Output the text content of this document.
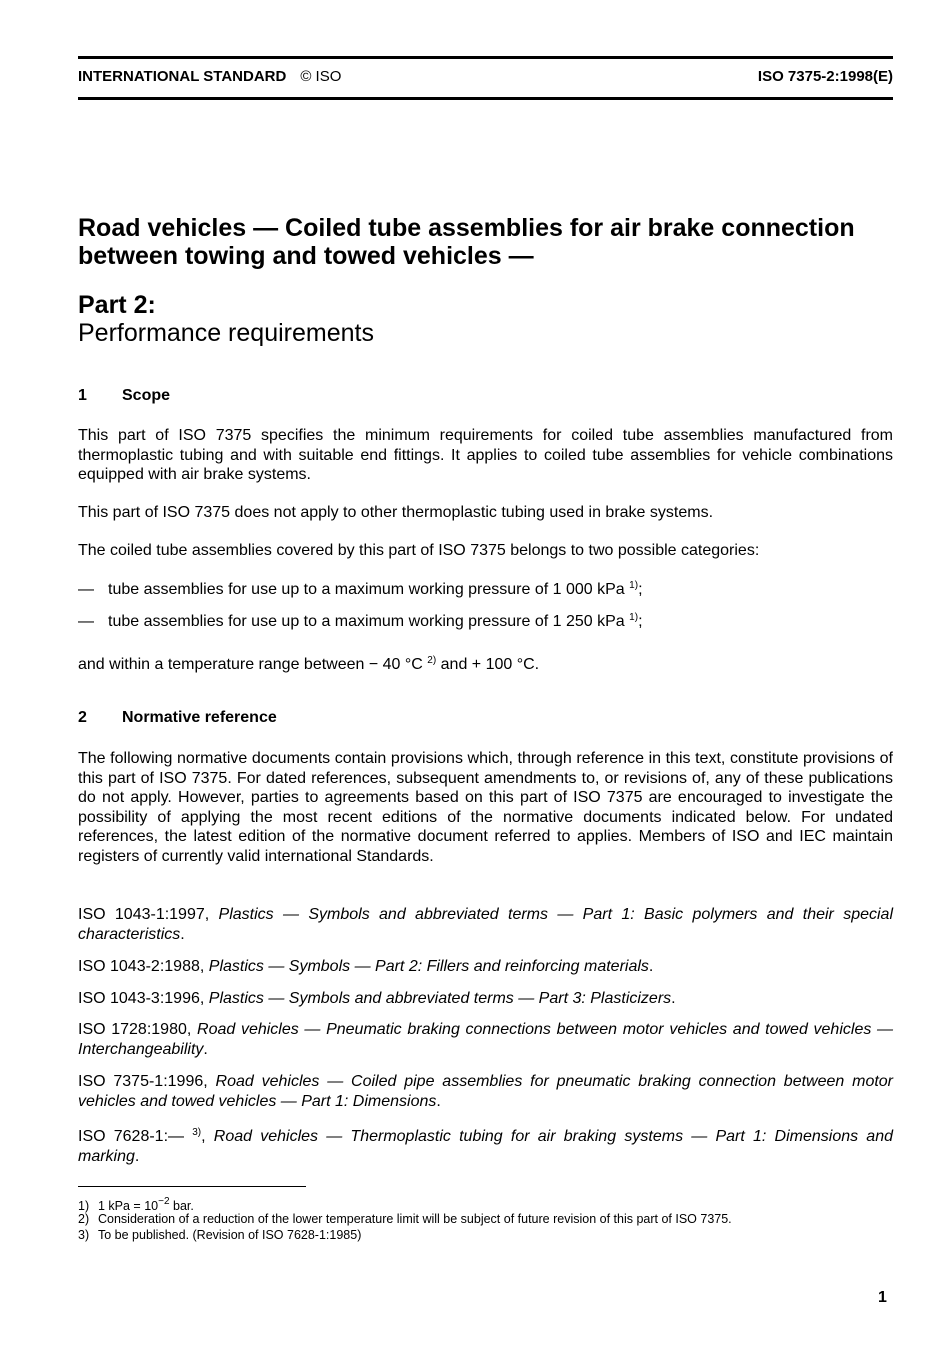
INTERNATIONAL STANDARD © ISO	ISO 7375-2:1998(E)
Road vehicles — Coiled tube assemblies for air brake connection
between towing and towed vehicles —
Part 2:
Performance requirements
1 Scope
This part of ISO 7375 specifies the minimum requirements for coiled tube assemblies manufactured from thermoplastic tubing and with suitable end fittings. It applies to coiled tube assemblies for vehicle combinations equipped with air brake systems.
This part of ISO 7375 does not apply to other thermoplastic tubing used in brake systems.
The coiled tube assemblies covered by this part of ISO 7375 belongs to two possible categories:
— tube assemblies for use up to a maximum working pressure of 1 000 kPa $^{1)}$;
— tube assemblies for use up to a maximum working pressure of 1 250 kPa $^{1)}$;
and within a temperature range between − 40 °C $^{2)}$ and + 100 °C.
2 Normative reference
The following normative documents contain provisions which, through reference in this text, constitute provisions of this part of ISO 7375. For dated references, subsequent amendments to, or revisions of, any of these publications do not apply. However, parties to agreements based on this part of ISO 7375 are encouraged to investigate the possibility of applying the most recent editions of the normative documents indicated below. For undated references, the latest edition of the normative document referred to applies. Members of ISO and IEC maintain registers of currently valid international Standards.
ISO 1043-1:1997, Plastics — Symbols and abbreviated terms — Part 1: Basic polymers and their special characteristics.
ISO 1043-2:1988, Plastics — Symbols — Part 2: Fillers and reinforcing materials.
ISO 1043-3:1996, Plastics — Symbols and abbreviated terms — Part 3: Plasticizers.
ISO 1728:1980, Road vehicles — Pneumatic braking connections between motor vehicles and towed vehicles — Interchangeability.
ISO 7375-1:1996, Road vehicles — Coiled pipe assemblies for pneumatic braking connection between motor vehicles and towed vehicles — Part 1: Dimensions.
ISO 7628-1:— $^{3)}$, Road vehicles — Thermoplastic tubing for air braking systems — Part 1: Dimensions and marking.
1) 1 kPa = $10^{-2}$ bar.
2) Consideration of a reduction of the lower temperature limit will be subject of future revision of this part of ISO 7375.
3) To be published. (Revision of ISO 7628-1:1985)
1
